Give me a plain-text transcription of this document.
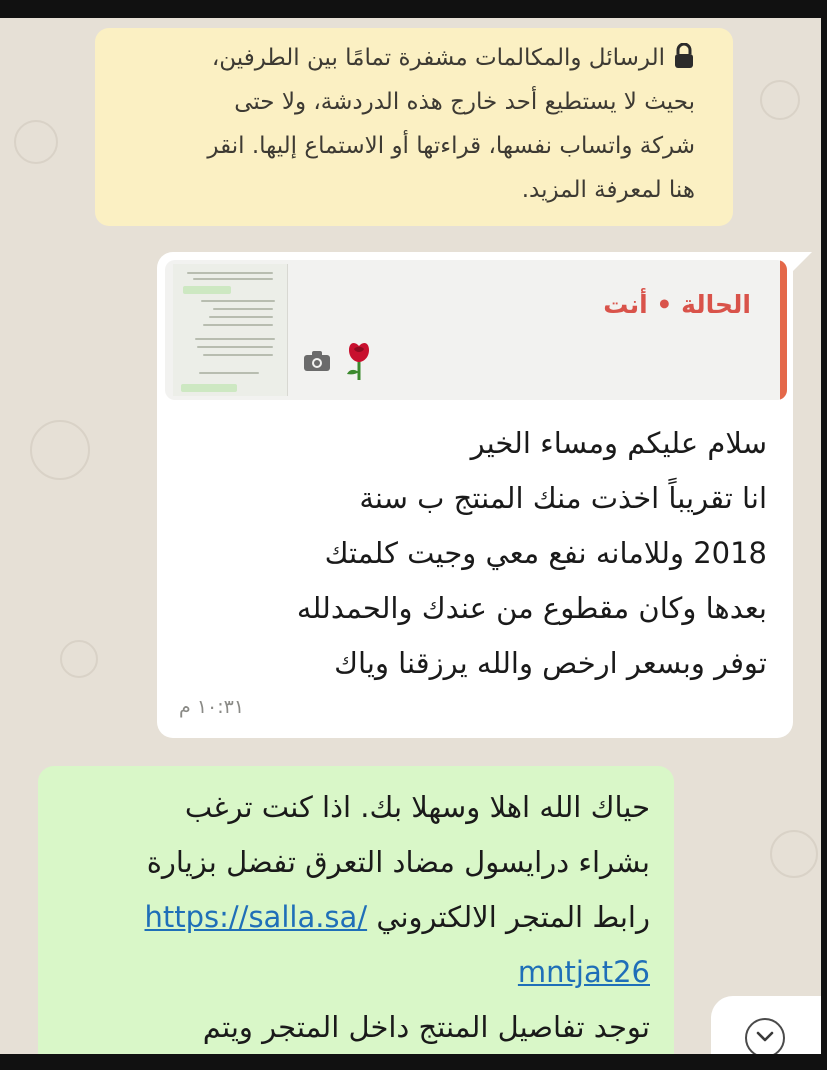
الرسائل والمكالمات مشفرة تمامًا بين الطرفين،
بحيث لا يستطيع أحد خارج هذه الدردشة، ولا حتى
شركة واتساب نفسها، قراءتها أو الاستماع إليها. انقر
هنا لمعرفة المزيد.
الحالة • أنت
سلام عليكم ومساء الخير
انا تقريباً اخذت منك المنتج ب سنة
2018 وللامانه نفع معي وجيت كلمتك
بعدها وكان مقطوع من عندك والحمدلله
توفر وبسعر ارخص والله يرزقنا وياك
١٠:٣١ م
حياك الله اهلا وسهلا بك. اذا كنت ترغب
بشراء درايسول مضاد التعرق تفضل بزيارة
رابط المتجر الالكتروني https://salla.sa/
mntjat26
توجد تفاصيل المنتج داخل المتجر ويتم
